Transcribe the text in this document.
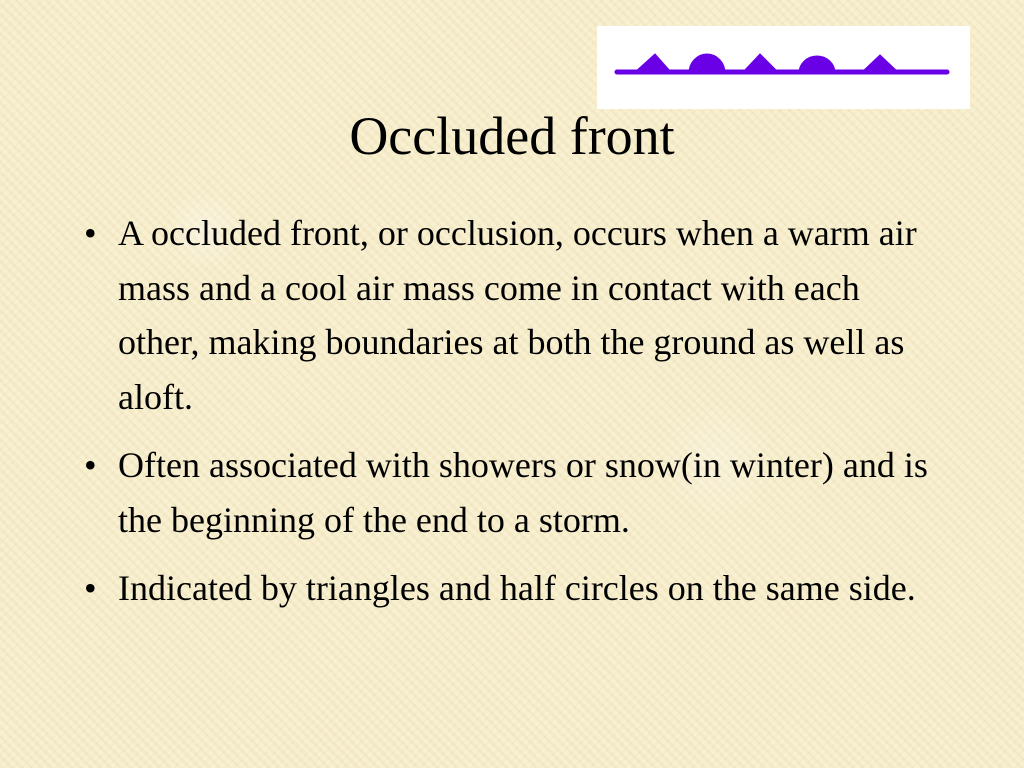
Occluded front
• A occluded front, or occlusion, occurs when a warm air mass and a cool air mass come in contact with each other, making boundaries at both the ground as well as aloft.
• Often associated with showers or snow(in winter) and is the beginning of the end to a storm.
• Indicated by triangles and half circles on the same side.
